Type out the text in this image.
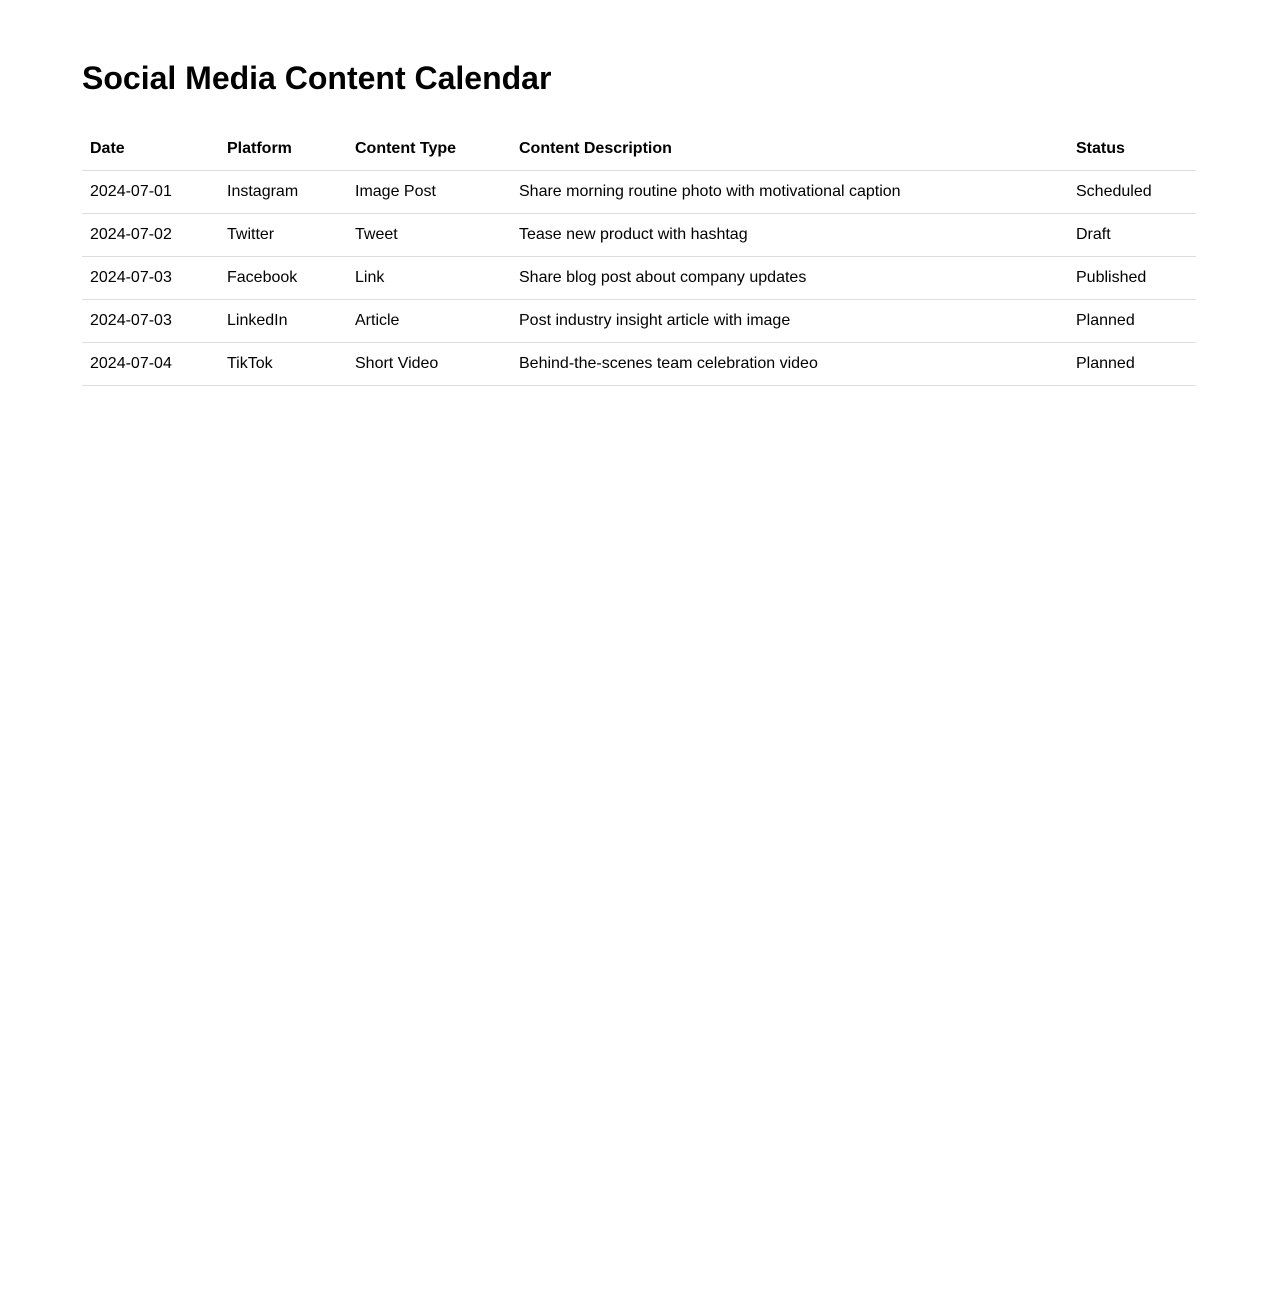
Social Media Content Calendar
Date	Platform	Content Type	Content Description	Status
2024-07-01	Instagram	Image Post	Share morning routine photo with motivational caption	Scheduled
2024-07-02	Twitter	Tweet	Tease new product with hashtag	Draft
2024-07-03	Facebook	Link	Share blog post about company updates	Published
2024-07-03	LinkedIn	Article	Post industry insight article with image	Planned
2024-07-04	TikTok	Short Video	Behind-the-scenes team celebration video	Planned
